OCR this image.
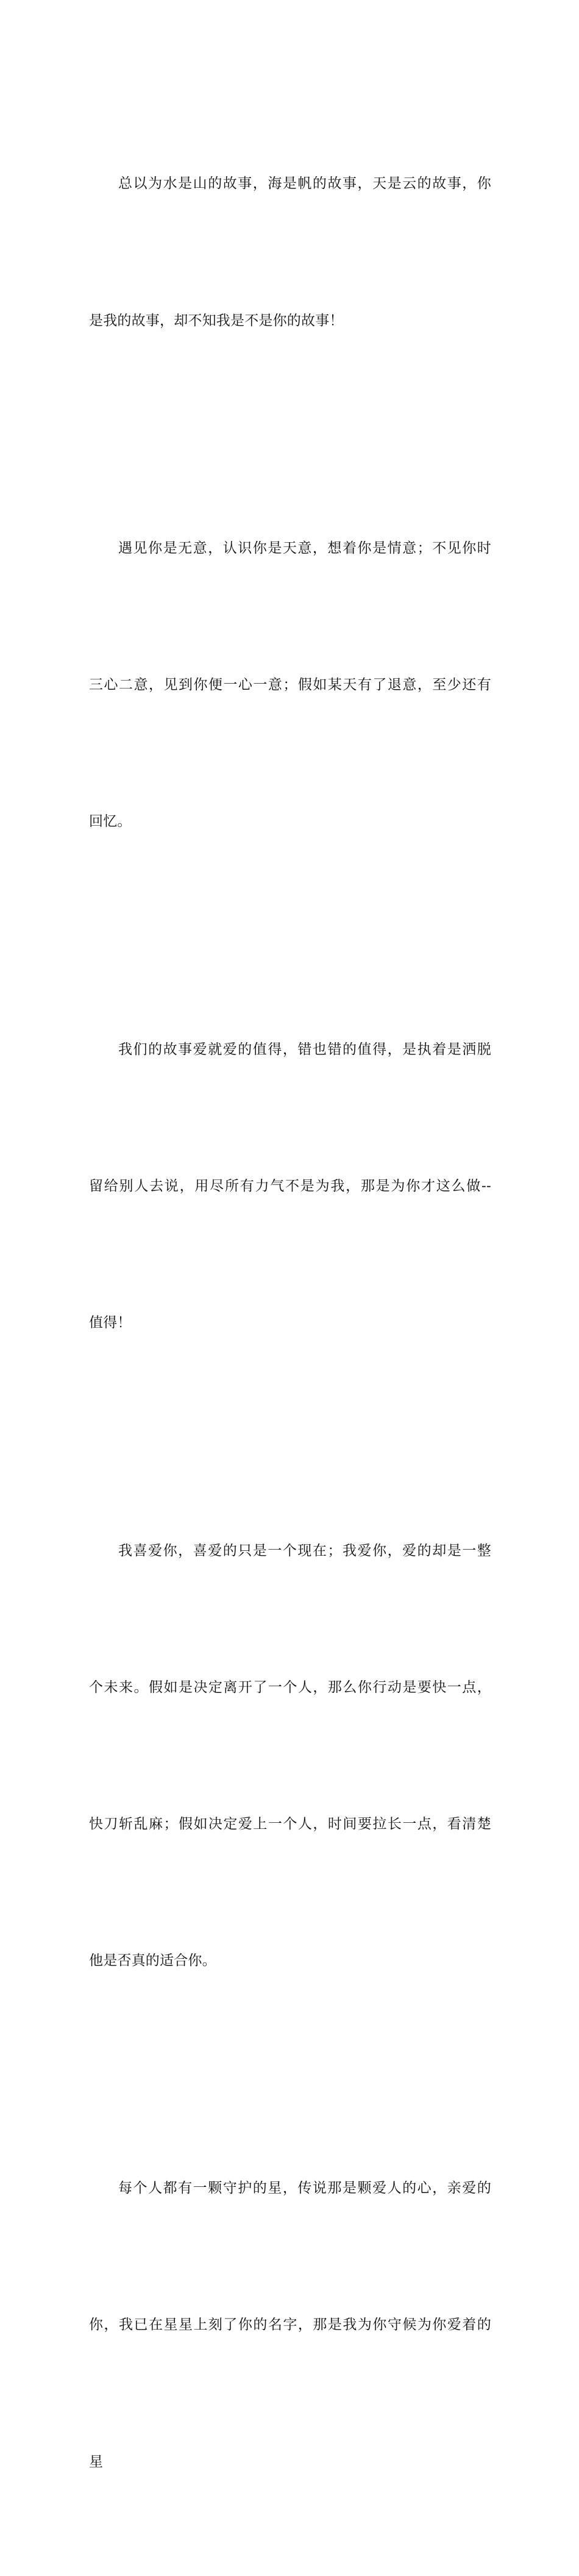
总以为水是山的故事，海是帆的故事，天是云的故事，你

是我的故事，却不知我是不是你的故事！

遇见你是无意，认识你是天意，想着你是情意；不见你时

三心二意，见到你便一心一意；假如某天有了退意，至少还有

回忆。

我们的故事爱就爱的值得，错也错的值得，是执着是洒脱

留给别人去说，用尽所有力气不是为我，那是为你才这么做--

值得！

我喜爱你，喜爱的只是一个现在；我爱你，爱的却是一整

个未来。假如是决定离开了一个人，那么你行动是要快一点，

快刀斩乱麻；假如决定爱上一个人，时间要拉长一点，看清楚

他是否真的适合你。

每个人都有一颗守护的星，传说那是颗爱人的心，亲爱的

你，我已在星星上刻了你的名字，那是我为你守候为你爱着的

星
